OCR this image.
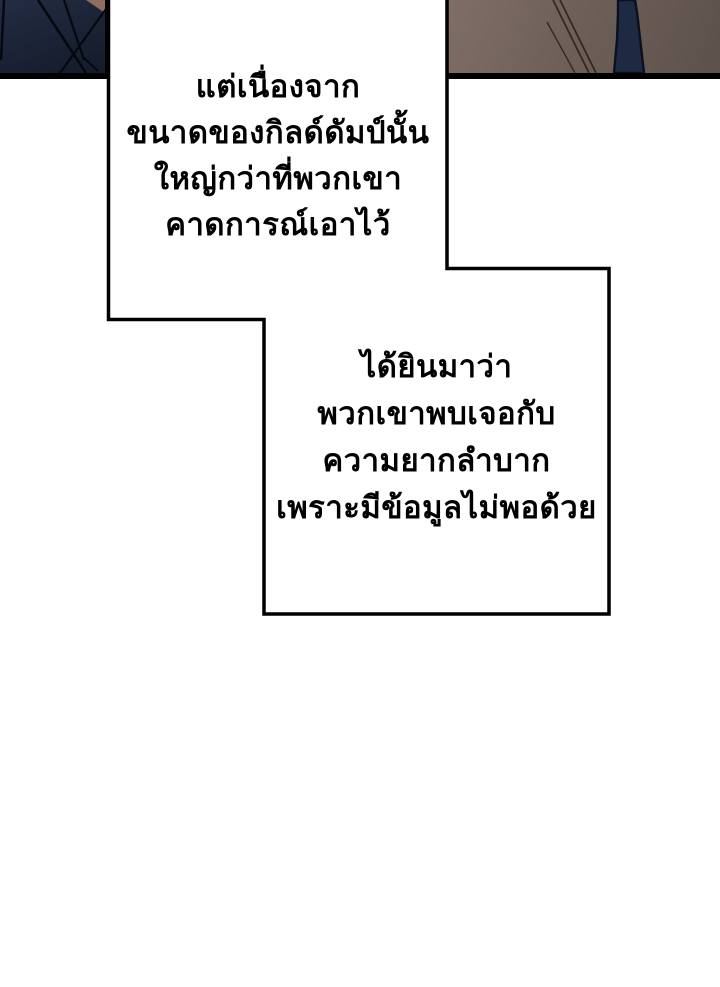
แต่เนื่องจาก
ขนาดของกิลด์ดัมป์นั้น
ใหญ่กว่าที่พวกเขา
คาดการณ์เอาไว้
ได้ยินมาว่า
พวกเขาพบเจอกับ
ความยากลำบาก
เพราะมีข้อมูลไม่พอด้วย
